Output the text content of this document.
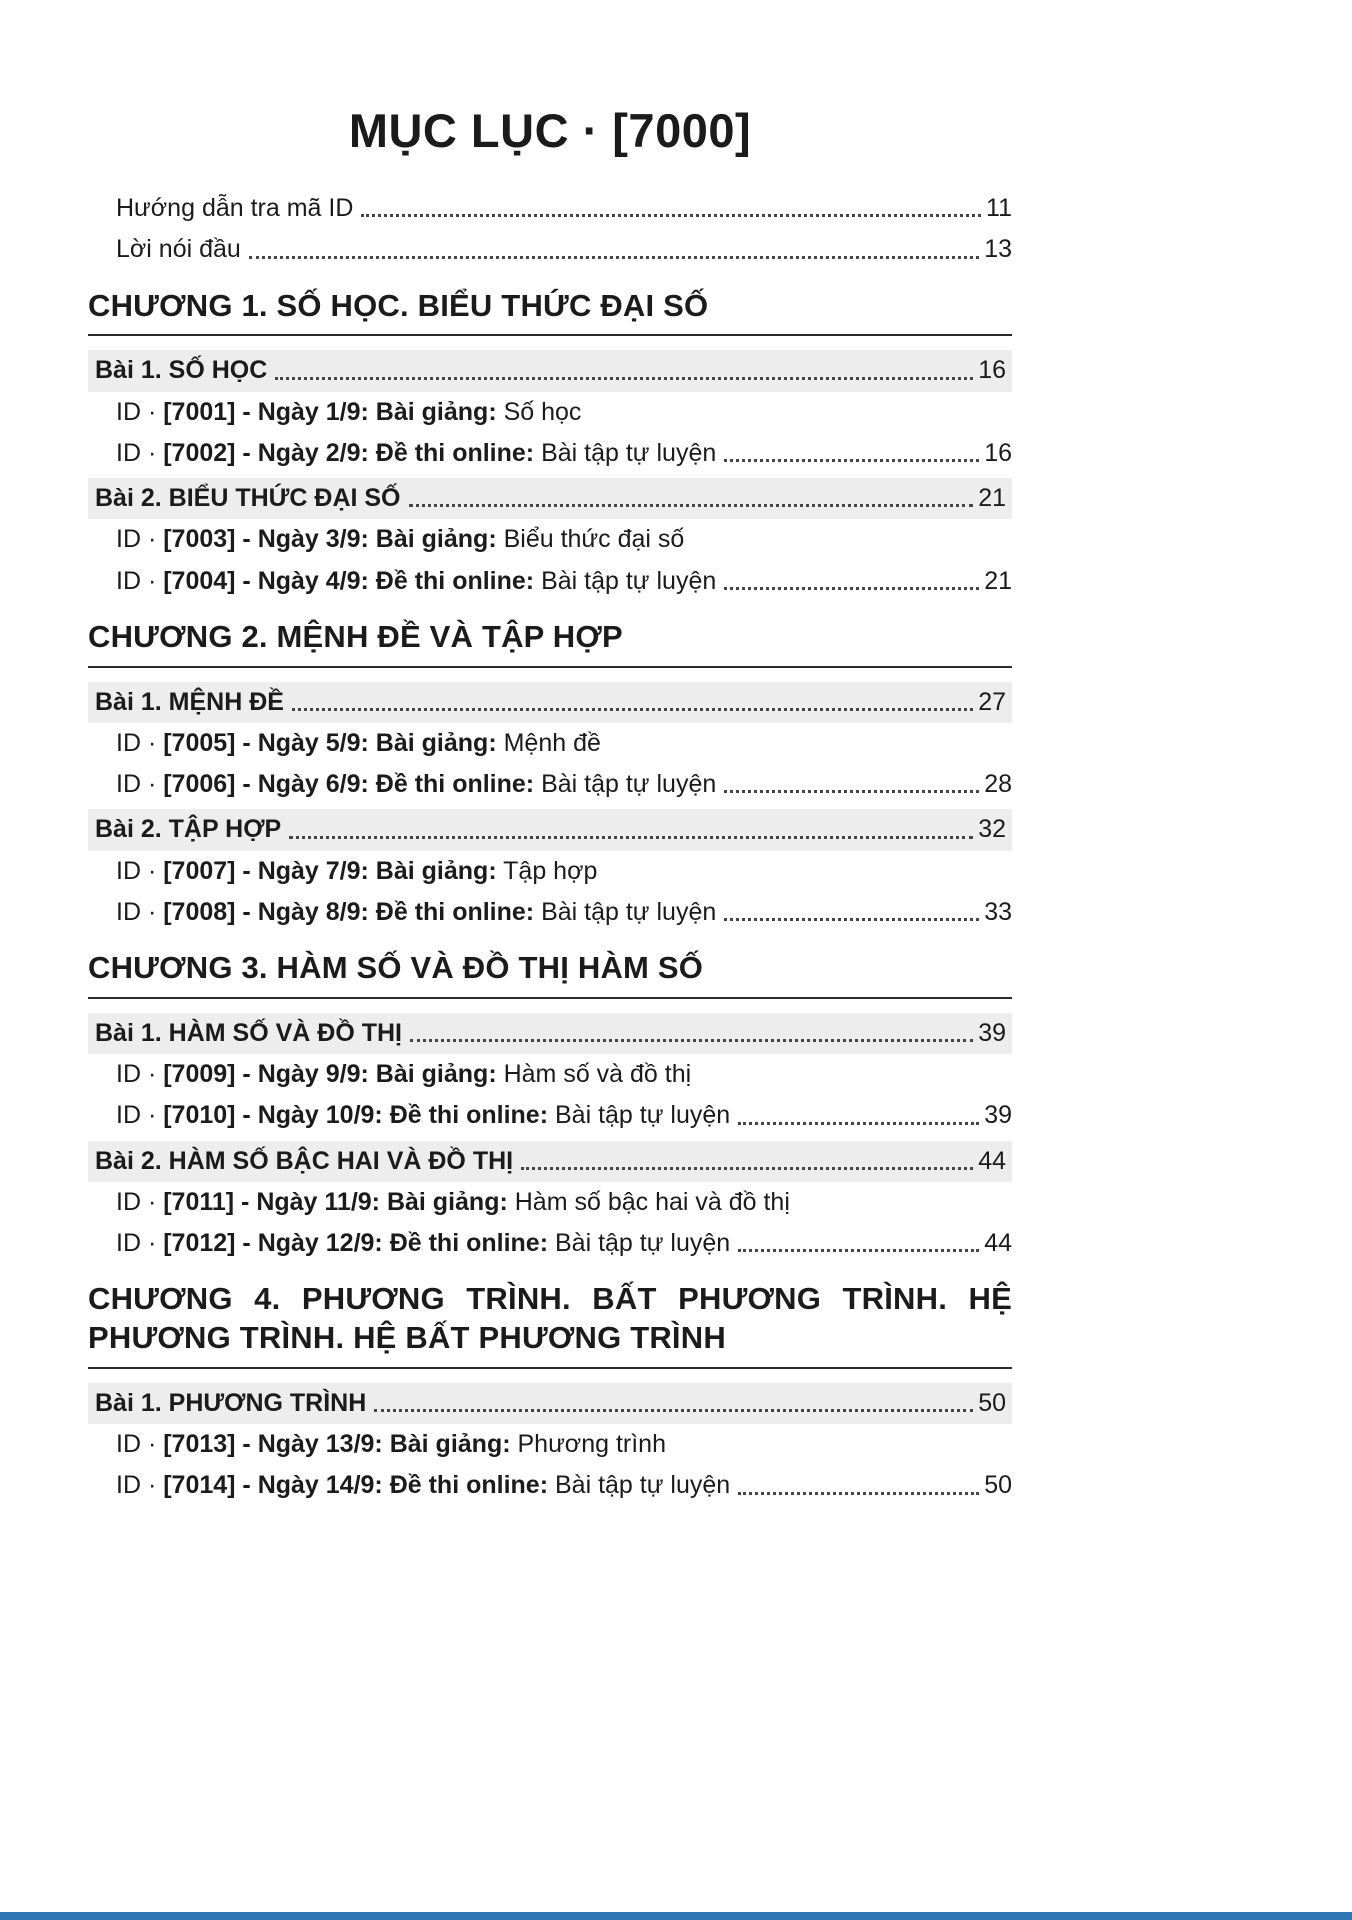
MỤC LỤC · [7000]
Hướng dẫn tra mã ID	11
Lời nói đầu	13
CHƯƠNG 1. SỐ HỌC. BIỂU THỨC ĐẠI SỐ
Bài 1. SỐ HỌC	16
ID · [7001] - Ngày 1/9: Bài giảng: Số học
ID · [7002] - Ngày 2/9: Đề thi online: Bài tập tự luyện	16
Bài 2. BIỂU THỨC ĐẠI SỐ	21
ID · [7003] - Ngày 3/9: Bài giảng: Biểu thức đại số
ID · [7004] - Ngày 4/9: Đề thi online: Bài tập tự luyện	21
CHƯƠNG 2. MỆNH ĐỀ VÀ TẬP HỢP
Bài 1. MỆNH ĐỀ	27
ID · [7005] - Ngày 5/9: Bài giảng: Mệnh đề
ID · [7006] - Ngày 6/9: Đề thi online: Bài tập tự luyện	28
Bài 2. TẬP HỢP	32
ID · [7007] - Ngày 7/9: Bài giảng: Tập hợp
ID · [7008] - Ngày 8/9: Đề thi online: Bài tập tự luyện	33
CHƯƠNG 3. HÀM SỐ VÀ ĐỒ THỊ HÀM SỐ
Bài 1. HÀM SỐ VÀ ĐỒ THỊ	39
ID · [7009] - Ngày 9/9: Bài giảng: Hàm số và đồ thị
ID · [7010] - Ngày 10/9: Đề thi online: Bài tập tự luyện	39
Bài 2. HÀM SỐ BẬC HAI VÀ ĐỒ THỊ	44
ID · [7011] - Ngày 11/9: Bài giảng: Hàm số bậc hai và đồ thị
ID · [7012] - Ngày 12/9: Đề thi online: Bài tập tự luyện	44
CHƯƠNG 4. PHƯƠNG TRÌNH. BẤT PHƯƠNG TRÌNH. HỆ PHƯƠNG TRÌNH. HỆ BẤT PHƯƠNG TRÌNH
Bài 1. PHƯƠNG TRÌNH	50
ID · [7013] - Ngày 13/9: Bài giảng: Phương trình
ID · [7014] - Ngày 14/9: Đề thi online: Bài tập tự luyện	50
